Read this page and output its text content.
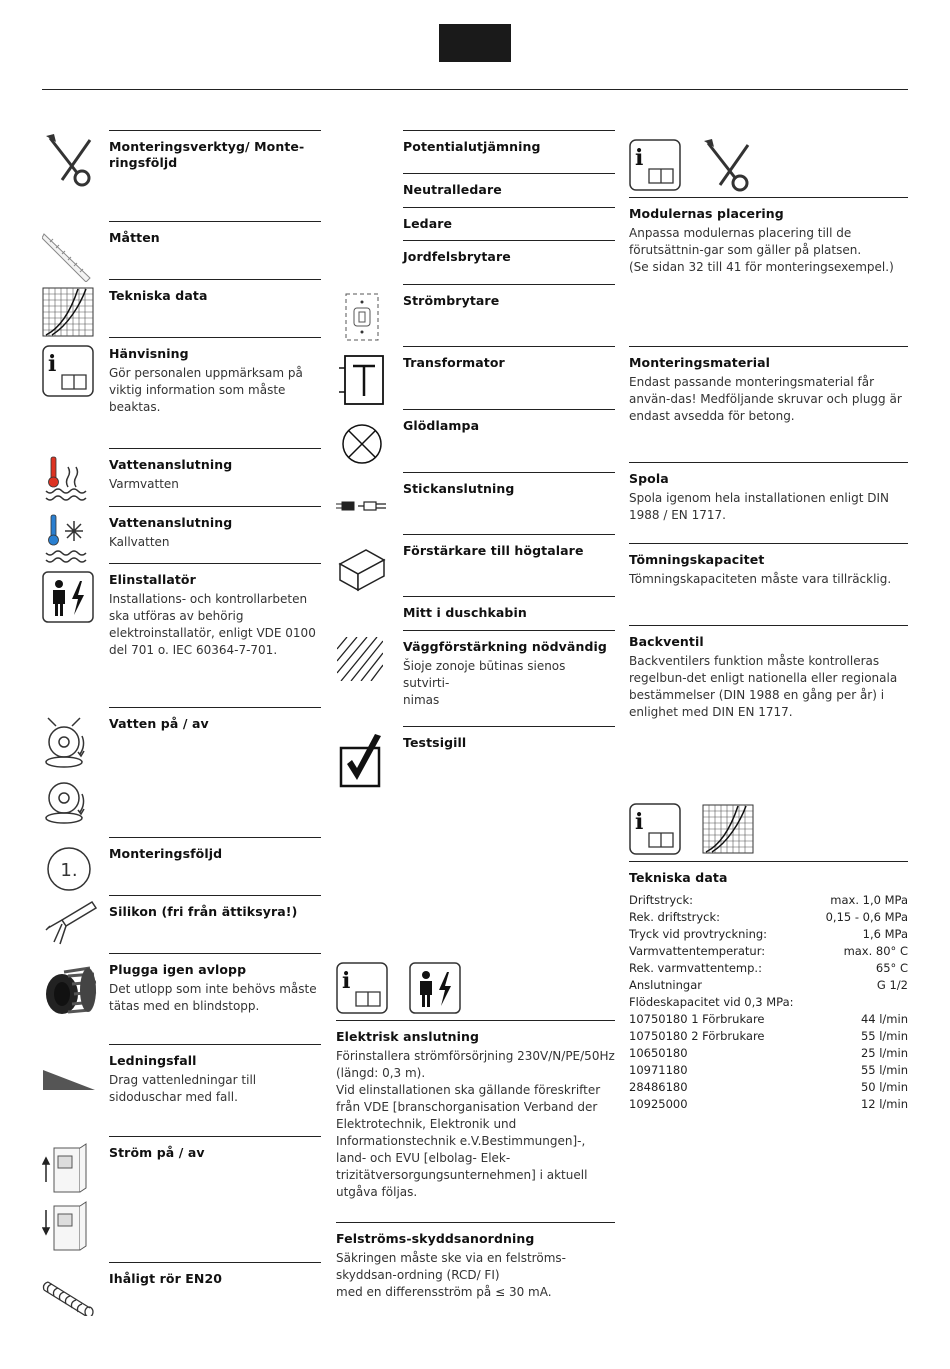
Monteringsverktyg/ Monte-
ringsföljd
Måtten
Tekniska data
i	Hänvisning

Gör personalen uppmärksam på viktig information som måste beaktas.

Vattenanslutning

Varmvatten

Vattenanslutning

Kallvatten

Elinstallatör

Installations- och kontrollarbeten ska utföras av behörig elektroinstallatör, enligt VDE 0100 del 701 o. IEC 60364-7-701.

Vatten på / av
1.
Monteringsföljd
Silikon (fri från ättiksyra!)
Plugga igen avlopp

Det utlopp som inte behövs måste tätas med en blindstopp.

Ledningsfall

Drag vattenledningar till sidoduschar med fall.

Ström på / av
Ihåligt rör EN20
Potentialutjämning
Neutralledare
Ledare
Jordfelsbrytare
Strömbrytare
Transformator
Glödlampa
Stickanslutning
Förstärkare till högtalare
Mitt i duschkabin
Väggförstärkning nödvändig

Šioje zonoje būtinas sienos sutvirti-
nimas

Testsigill
i
Elektrisk anslutning

Förinstallera strömförsörjning 230V/N/PE/50Hz (längd: 0,3 m).
Vid elinstallationen ska gällande föreskrifter från VDE [branschorganisation Verband der Elektrotechnik, Elektronik und Informationstechnik e.V.Bestimmungen]-, land- och EVU [elbolag- Elek-trizitätversorgungsunternehmen] i aktuell utgåva följas.

Felströms-skyddsanordning

Säkringen måste ske via en felströms-skyddsan-ordning (RCD/ FI)
med en differensström på ≤ 30 mA.

i
Modulernas placering

Anpassa modulernas placering till de förutsättnin-gar som gäller på platsen.
(Se sidan 32 till 41 för monteringsexempel.)

Monteringsmaterial

Endast passande monteringsmaterial får använ-das! Medföljande skruvar och plugg är endast avsedda för betong.

Spola

Spola igenom hela installationen enligt DIN 1988 / EN 1717.

Tömningskapacitet

Tömningskapaciteten måste vara tillräcklig.

Backventil

Backventilers funktion måste kontrolleras regelbun-det enligt nationella eller regionala bestämmelser (DIN 1988 en gång per år) i enlighet med DIN EN 1717.

i
Tekniska data
Driftstryck:	max. 1,0 MPa
Rek. driftstryck:	0,15 - 0,6 MPa
Tryck vid provtryckning:	1,6 MPa
Varmvattentemperatur:	max. 80° C
Rek. varmvattentemp.:	65° C
Anslutningar	G 1/2
Flödeskapacitet vid 0,3 MPa:
10750180 1 Förbrukare	44 l/min
10750180 2 Förbrukare	55 l/min
10650180	25 l/min
10971180	55 l/min
28486180	50 l/min
10925000	12 l/min
